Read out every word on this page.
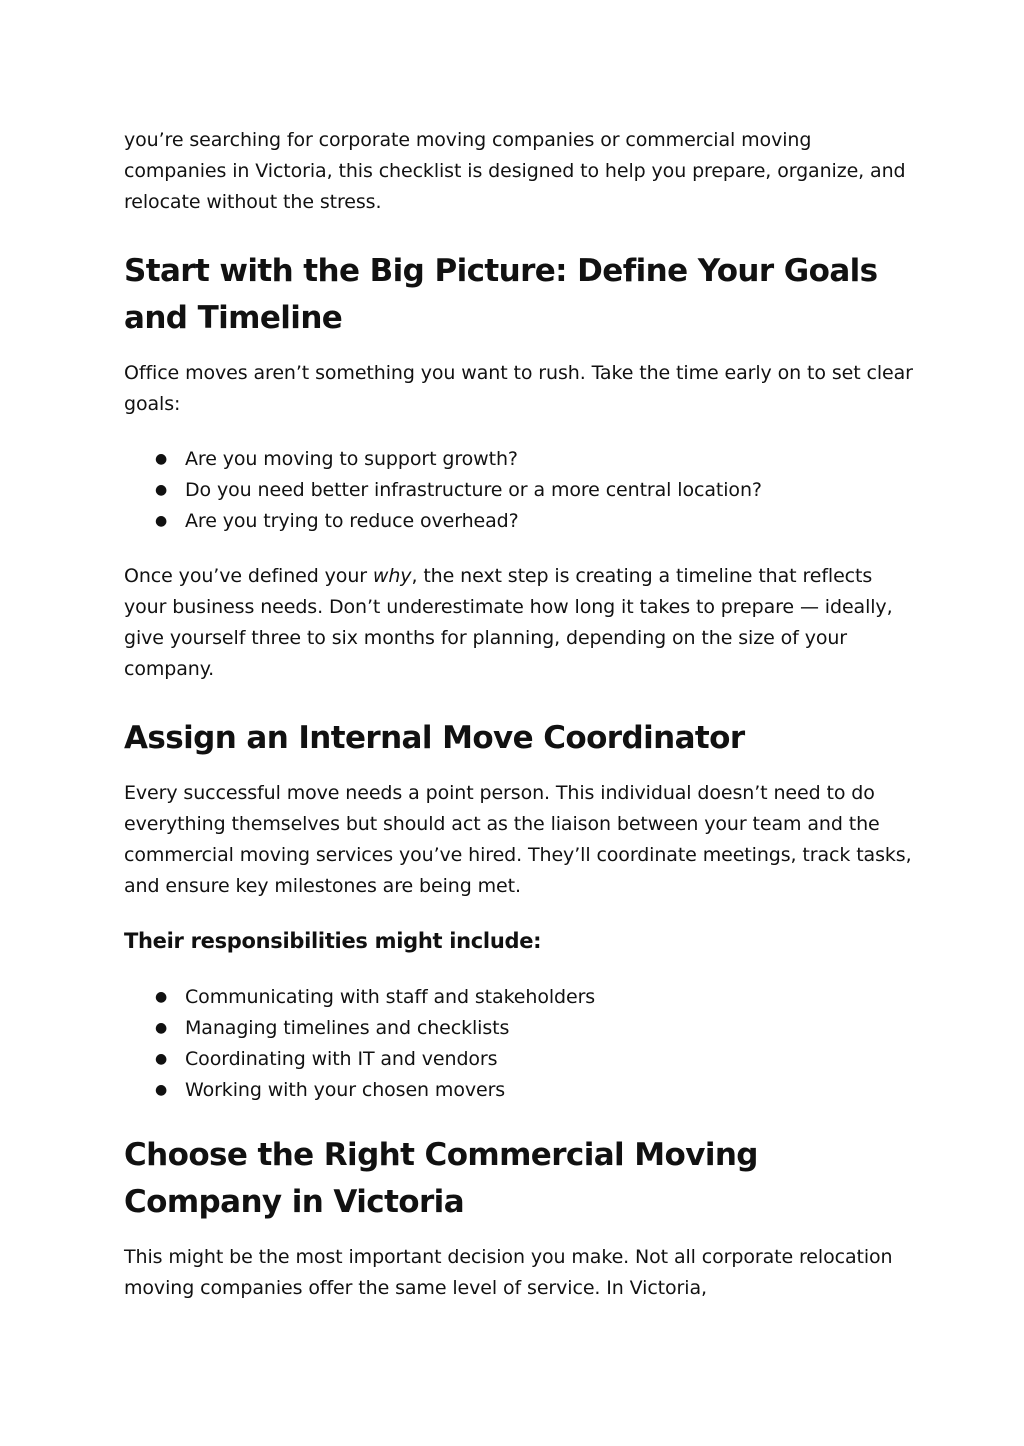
you’re searching for corporate moving companies or commercial moving companies in Victoria, this checklist is designed to help you prepare, organize, and relocate without the stress.

Start with the Big Picture: Define Your Goals and Timeline

Office moves aren’t something you want to rush. Take the time early on to set clear goals:

● Are you moving to support growth?
● Do you need better infrastructure or a more central location?
● Are you trying to reduce overhead?

Once you’ve defined your why, the next step is creating a timeline that reflects your business needs. Don’t underestimate how long it takes to prepare — ideally, give yourself three to six months for planning, depending on the size of your company.

Assign an Internal Move Coordinator

Every successful move needs a point person. This individual doesn’t need to do everything themselves but should act as the liaison between your team and the commercial moving services you’ve hired. They’ll coordinate meetings, track tasks, and ensure key milestones are being met.

Their responsibilities might include:
● Communicating with staff and stakeholders
● Managing timelines and checklists
● Coordinating with IT and vendors
● Working with your chosen movers
Choose the Right Commercial Moving Company in Victoria

This might be the most important decision you make. Not all corporate relocation moving companies offer the same level of service. In Victoria,
